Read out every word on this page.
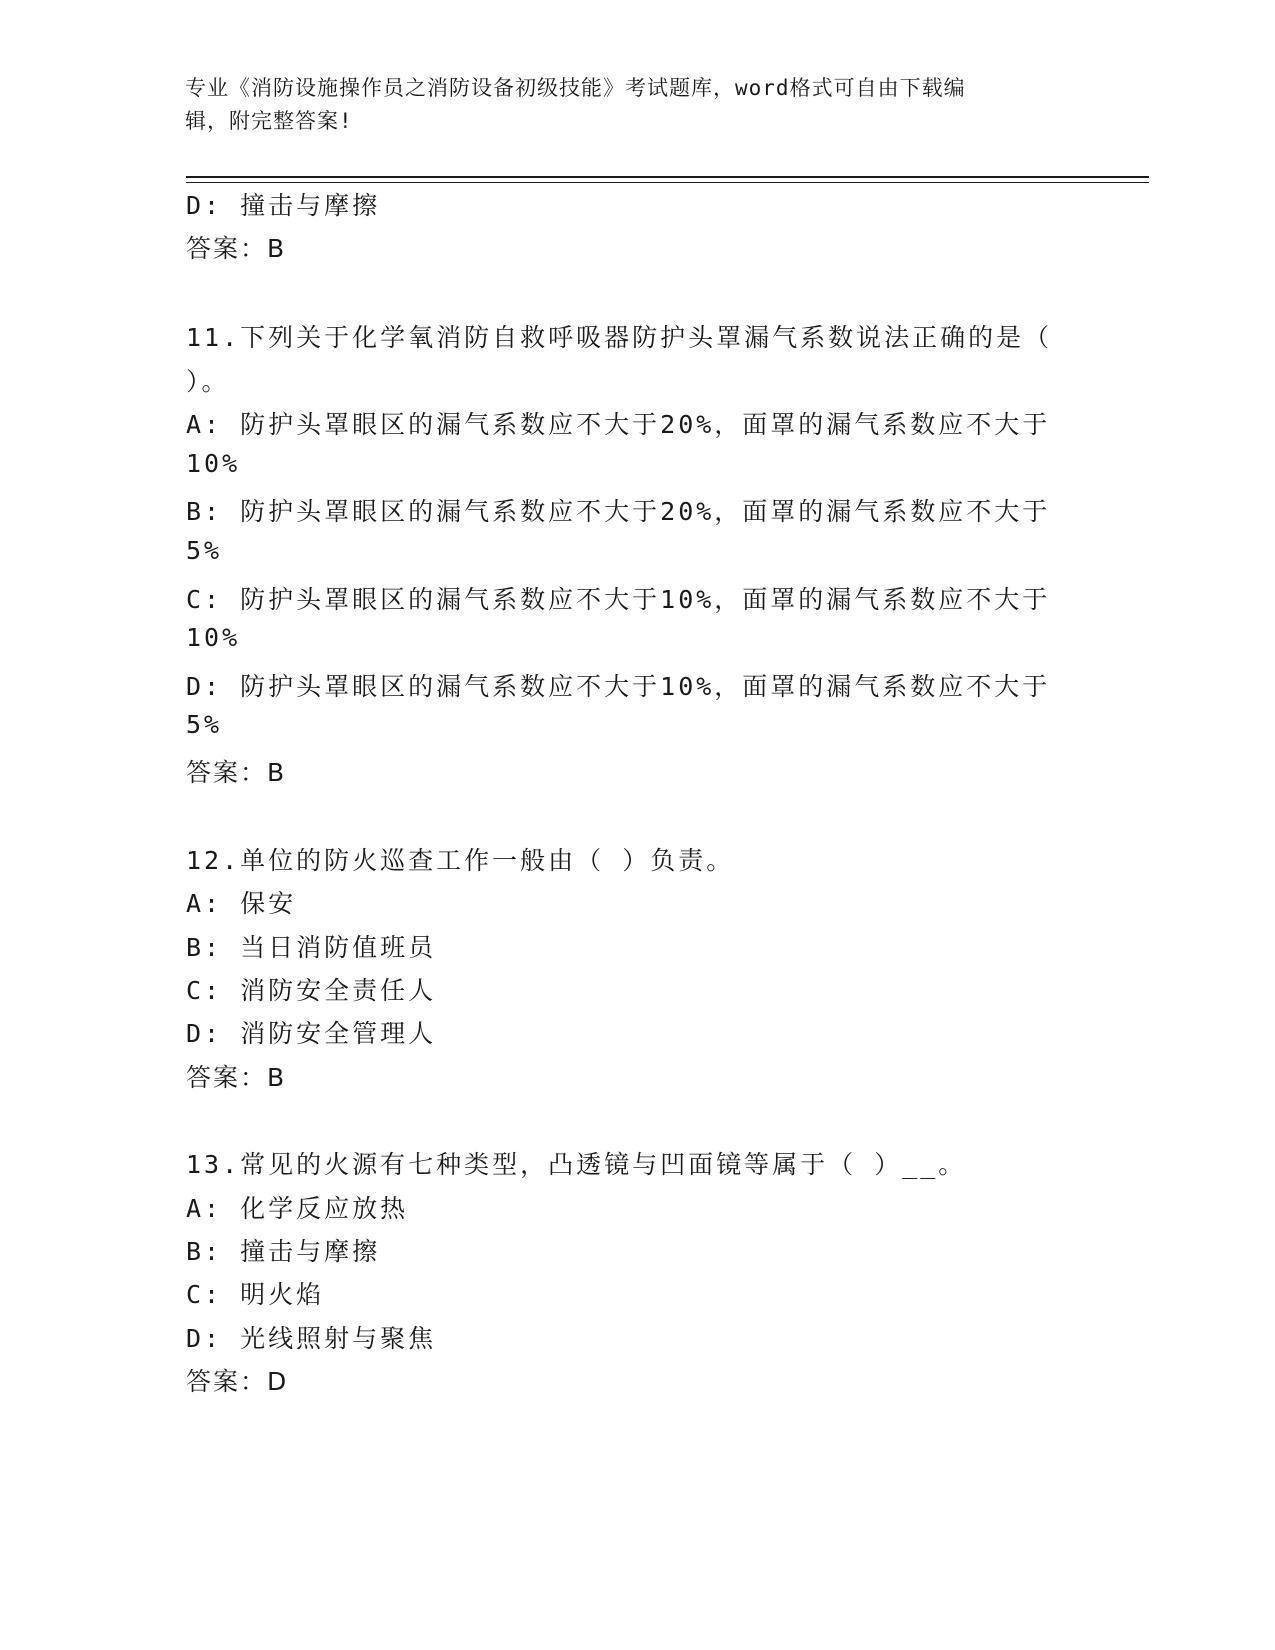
专业《消防设施操作员之消防设备初级技能》考试题库，word格式可自由下载编
辑，附完整答案!
D: 撞击与摩擦
答案：B
11.下列关于化学氧消防自救呼吸器防护头罩漏气系数说法正确的是（
）。
A: 防护头罩眼区的漏气系数应不大于20%，面罩的漏气系数应不大于
10%
B: 防护头罩眼区的漏气系数应不大于20%，面罩的漏气系数应不大于
5%
C: 防护头罩眼区的漏气系数应不大于10%，面罩的漏气系数应不大于
10%
D: 防护头罩眼区的漏气系数应不大于10%，面罩的漏气系数应不大于
5%
答案：B
12.单位的防火巡查工作一般由（ ）负责。
A: 保安
B: 当日消防值班员
C: 消防安全责任人
D: 消防安全管理人
答案：B
13.常见的火源有七种类型，凸透镜与凹面镜等属于（ ）__。
A: 化学反应放热
B: 撞击与摩擦
C: 明火焰
D: 光线照射与聚焦
答案：D
